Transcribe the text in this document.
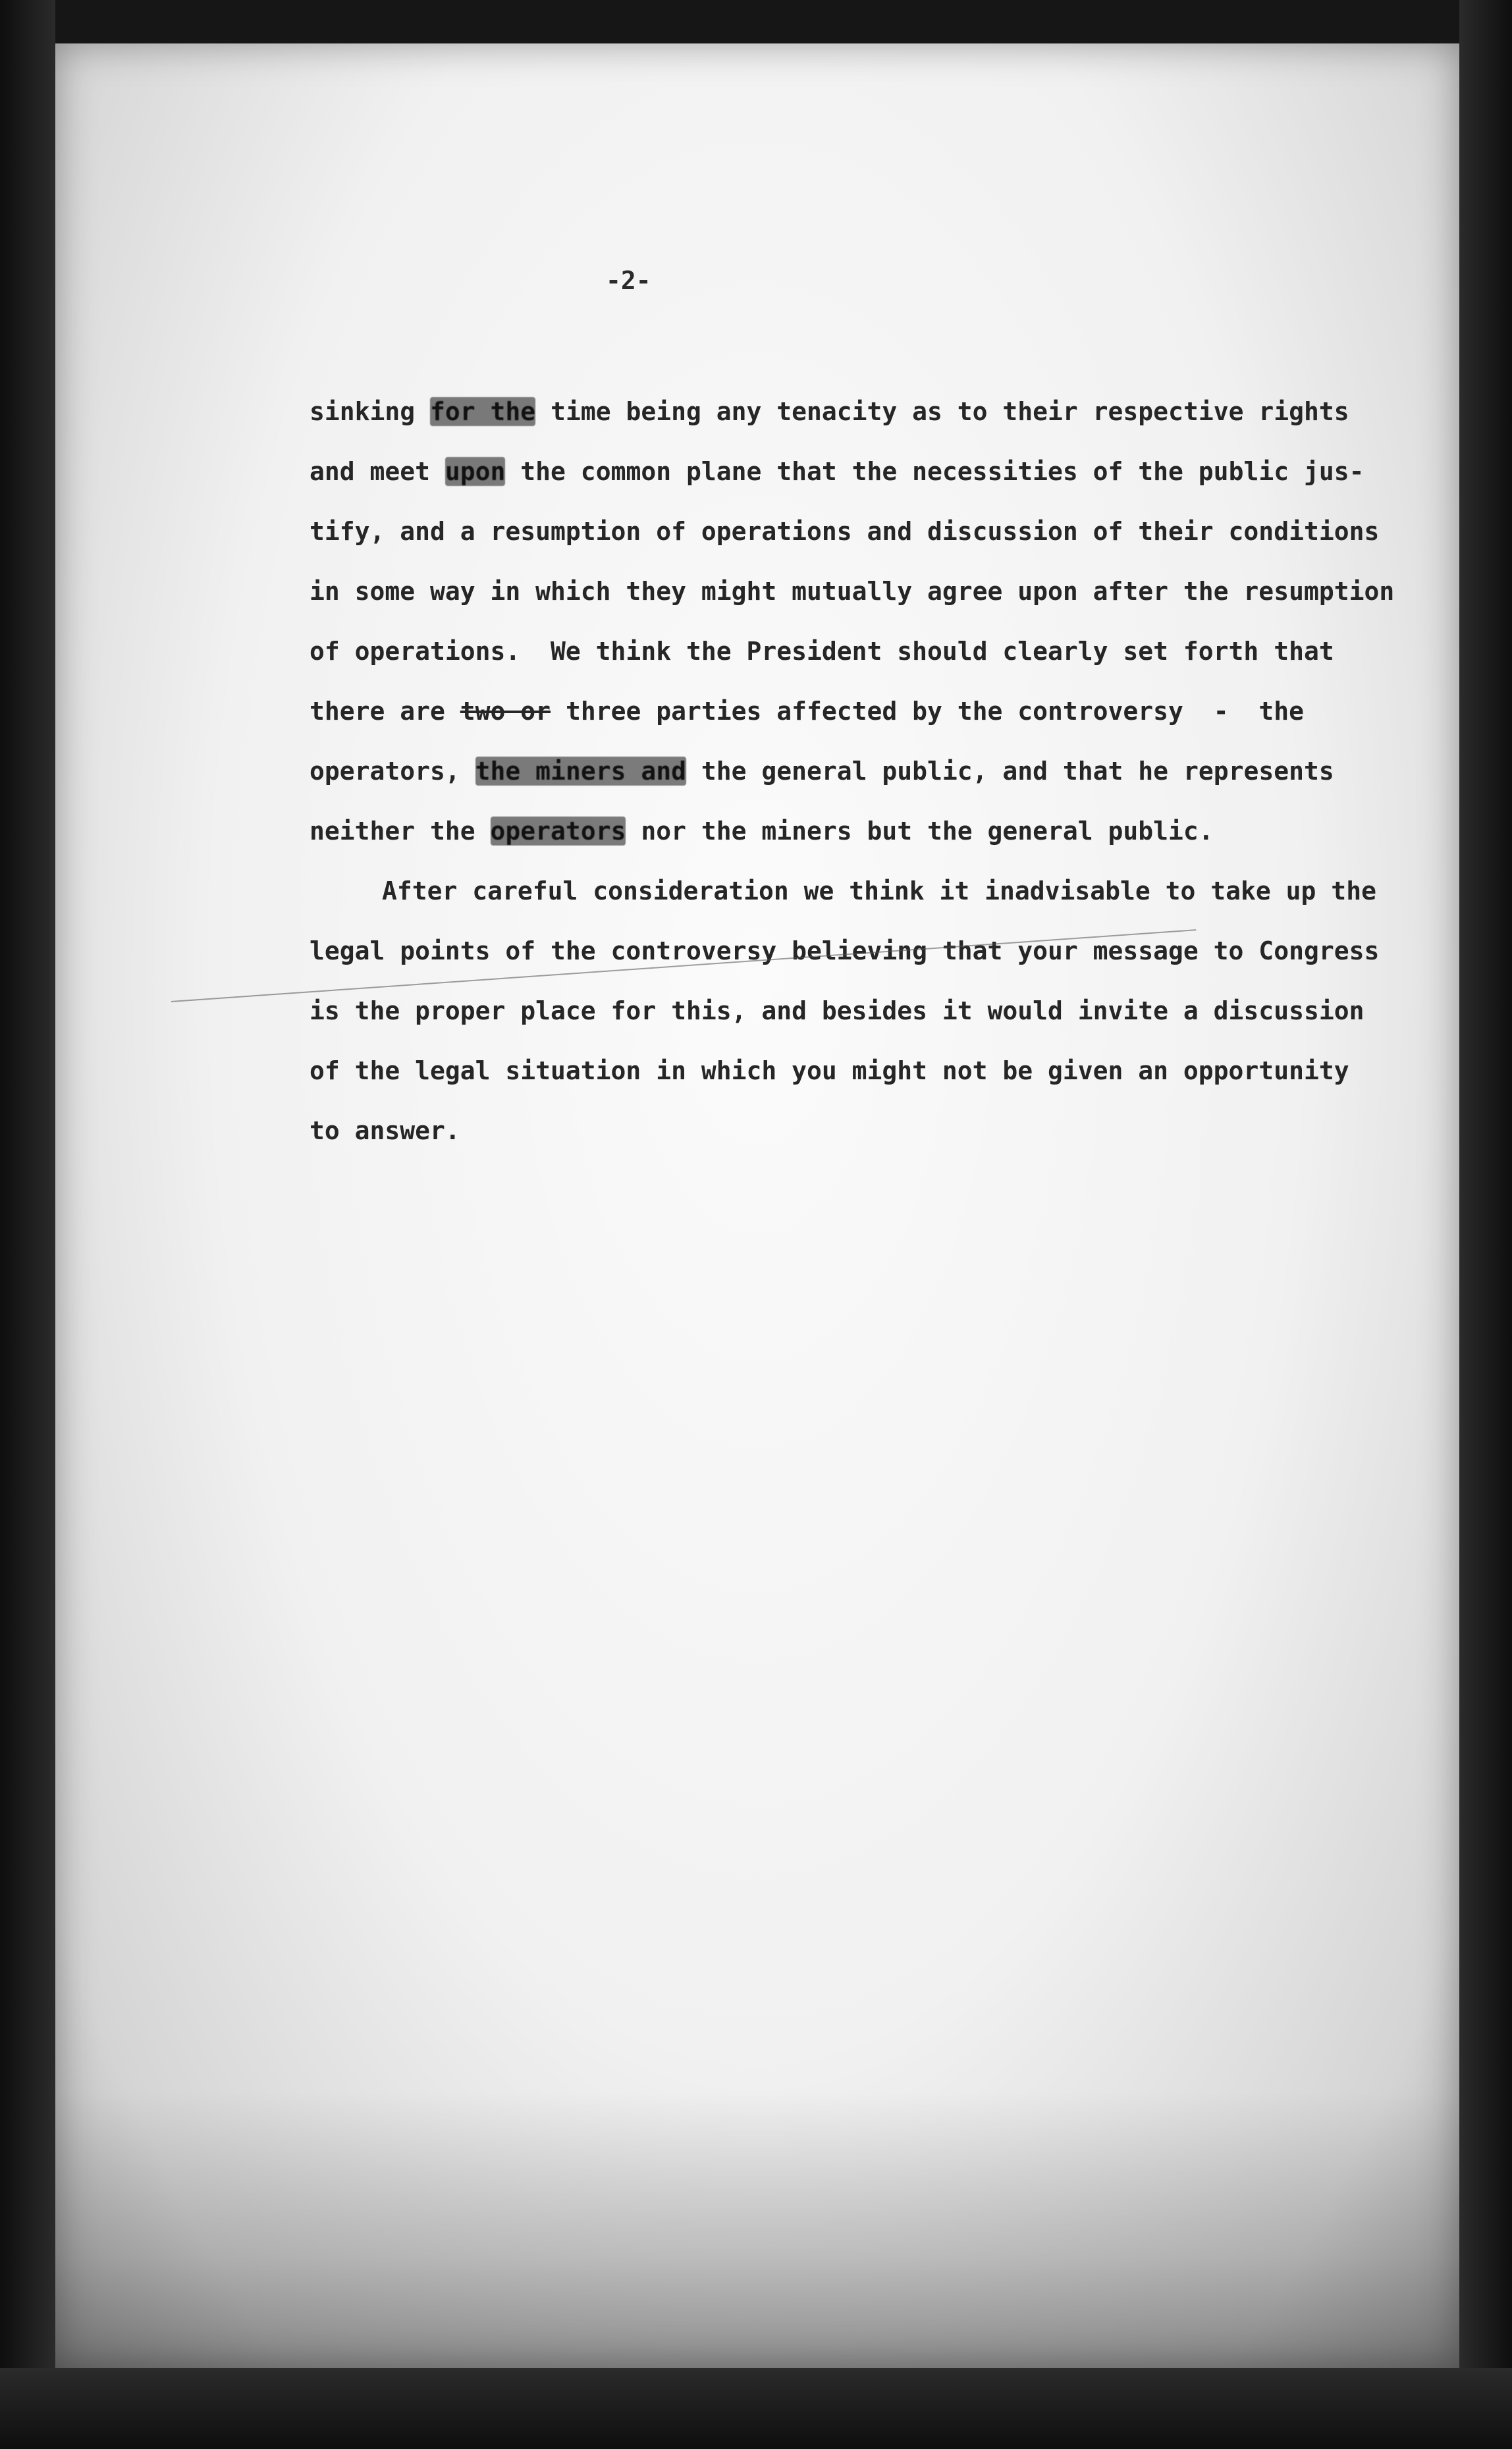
-2-
sinking for the time being any tenacity as to their respective rights
and meet upon the common plane that the necessities of the public jus-
tify, and a resumption of operations and discussion of their conditions
in some way in which they might mutually agree upon after the resumption
of operations.  We think the President should clearly set forth that
there are two or three parties affected by the controversy  -  the
operators, the miners and the general public, and that he represents
neither the operators nor the miners but the general public.
After careful consideration we think it inadvisable to take up the
legal points of the controversy believing that your message to Congress
is the proper place for this, and besides it would invite a discussion
of the legal situation in which you might not be given an opportunity
to answer.
